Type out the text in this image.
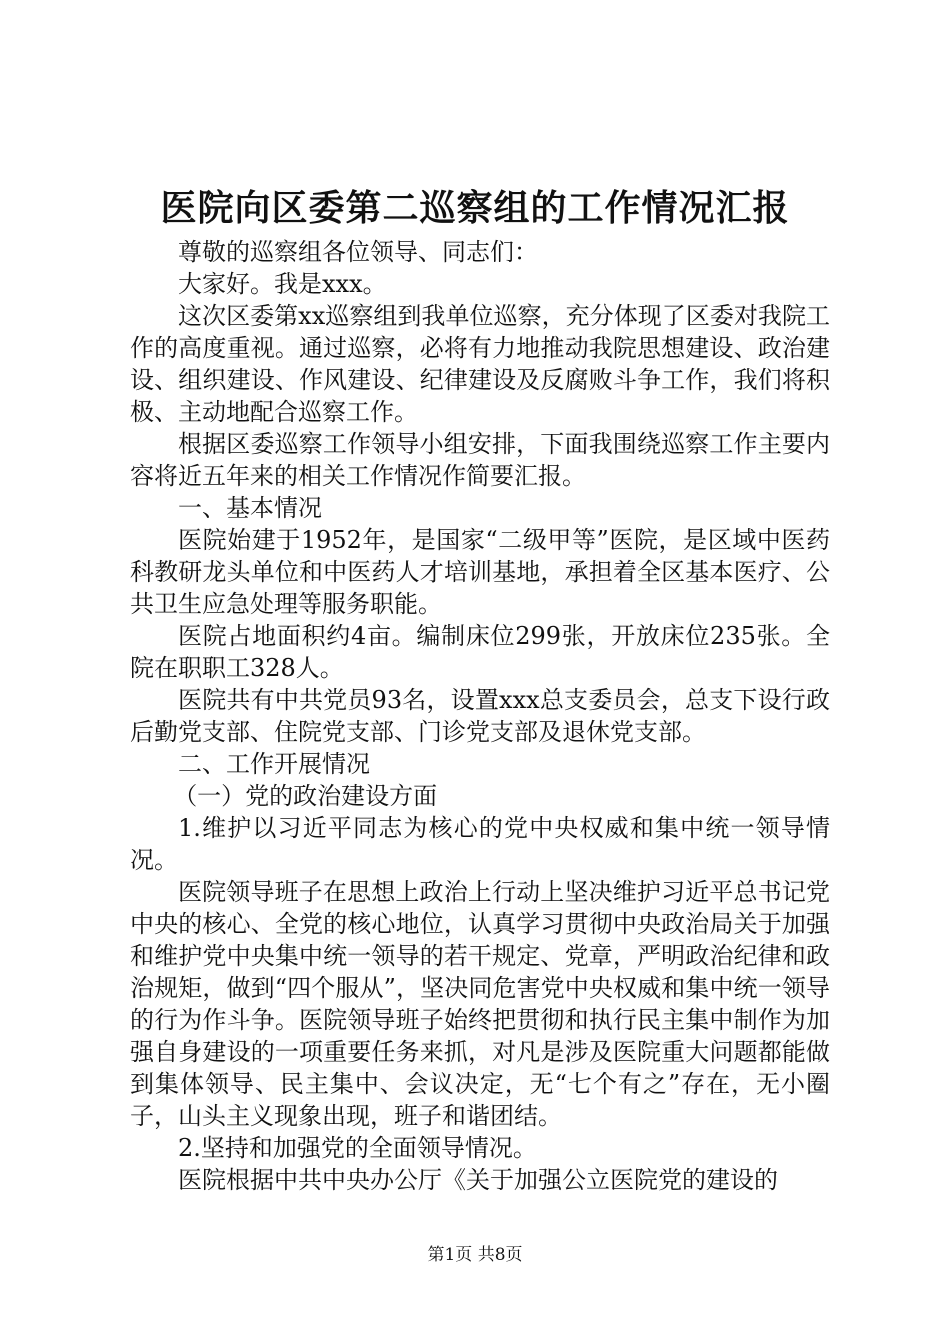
医院向区委第二巡察组的工作情况汇报

尊敬的巡察组各位领导、同志们：

大家好。我是xxx。

这次区委第xx巡察组到我单位巡察，充分体现了区委对我院工作的高度重视。通过巡察，必将有力地推动我院思想建设、政治建设、组织建设、作风建设、纪律建设及反腐败斗争工作，我们将积极、主动地配合巡察工作。

根据区委巡察工作领导小组安排，下面我围绕巡察工作主要内容将近五年来的相关工作情况作简要汇报。

一、基本情况

医院始建于1952年，是国家“二级甲等”医院，是区域中医药科教研龙头单位和中医药人才培训基地，承担着全区基本医疗、公共卫生应急处理等服务职能。

医院占地面积约4亩。编制床位299张，开放床位235张。全院在职职工328人。

医院共有中共党员93名，设置xxx总支委员会，总支下设行政后勤党支部、住院党支部、门诊党支部及退休党支部。

二、工作开展情况

（一）党的政治建设方面

1.维护以习近平同志为核心的党中央权威和集中统一领导情况。

医院领导班子在思想上政治上行动上坚决维护习近平总书记党中央的核心、全党的核心地位，认真学习贯彻中央政治局关于加强和维护党中央集中统一领导的若干规定、党章，严明政治纪律和政治规矩，做到“四个服从”，坚决同危害党中央权威和集中统一领导的行为作斗争。医院领导班子始终把贯彻和执行民主集中制作为加强自身建设的一项重要任务来抓，对凡是涉及医院重大问题都能做到集体领导、民主集中、会议决定，无“七个有之”存在，无小圈子，山头主义现象出现，班子和谐团结。

2.坚持和加强党的全面领导情况。

医院根据中共中央办公厅《关于加强公立医院党的建设的

第1页 共8页
